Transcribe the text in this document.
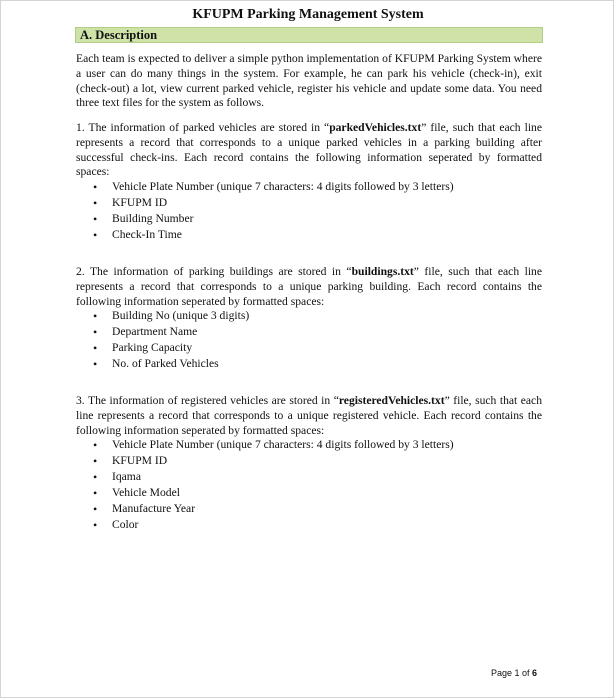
KFUPM Parking Management System
A. Description
Each team is expected to deliver a simple python implementation of KFUPM Parking System where a user can do many things in the system. For example, he can park his vehicle (check-in), exit (check-out) a lot, view current parked vehicle, register his vehicle and update some data. You need three text files for the system as follows.
1. The information of parked vehicles are stored in “parkedVehicles.txt” file, such that each line represents a record that corresponds to a unique parked vehicles in a parking building after successful check-ins. Each record contains the following information seperated by formatted spaces:
• Vehicle Plate Number (unique 7 characters: 4 digits followed by 3 letters)
• KFUPM ID
• Building Number
• Check-In Time
2. The information of parking buildings are stored in “buildings.txt” file, such that each line represents a record that corresponds to a unique parking building. Each record contains the following information seperated by formatted spaces:
• Building No (unique 3 digits)
• Department Name
• Parking Capacity
• No. of Parked Vehicles
3. The information of registered vehicles are stored in “registeredVehicles.txt” file, such that each line represents a record that corresponds to a unique registered vehicle. Each record contains the following information seperated by formatted spaces:
• Vehicle Plate Number (unique 7 characters: 4 digits followed by 3 letters)
• KFUPM ID
• Iqama
• Vehicle Model
• Manufacture Year
• Color
Page 1 of 6
